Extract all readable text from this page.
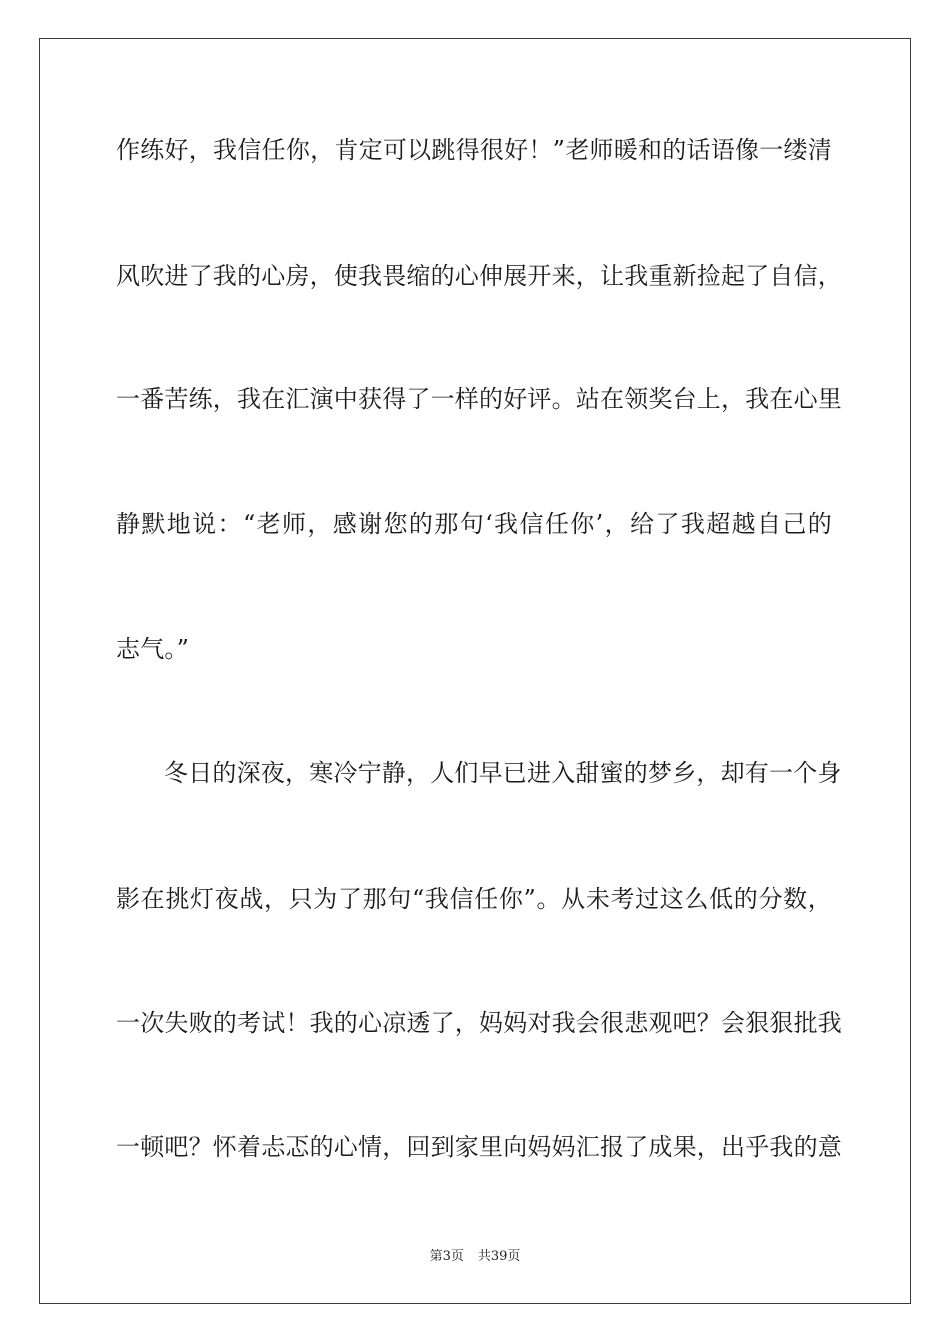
作练好，我信任你，肯定可以跳得很好！”老师暖和的话语像一缕清
风吹进了我的心房，使我畏缩的心伸展开来，让我重新捡起了自信，
一番苦练，我在汇演中获得了一样的好评。站在领奖台上，我在心里
静默地说：“老师，感谢您的那句‘我信任你’，给了我超越自己的
志气。”
冬日的深夜，寒冷宁静，人们早已进入甜蜜的梦乡，却有一个身
影在挑灯夜战，只为了那句“我信任你”。从未考过这么低的分数，
一次失败的考试！我的心凉透了，妈妈对我会很悲观吧？会狠狠批我
一顿吧？怀着忐忑的心情，回到家里向妈妈汇报了成果，出乎我的意
第3页 共39页
